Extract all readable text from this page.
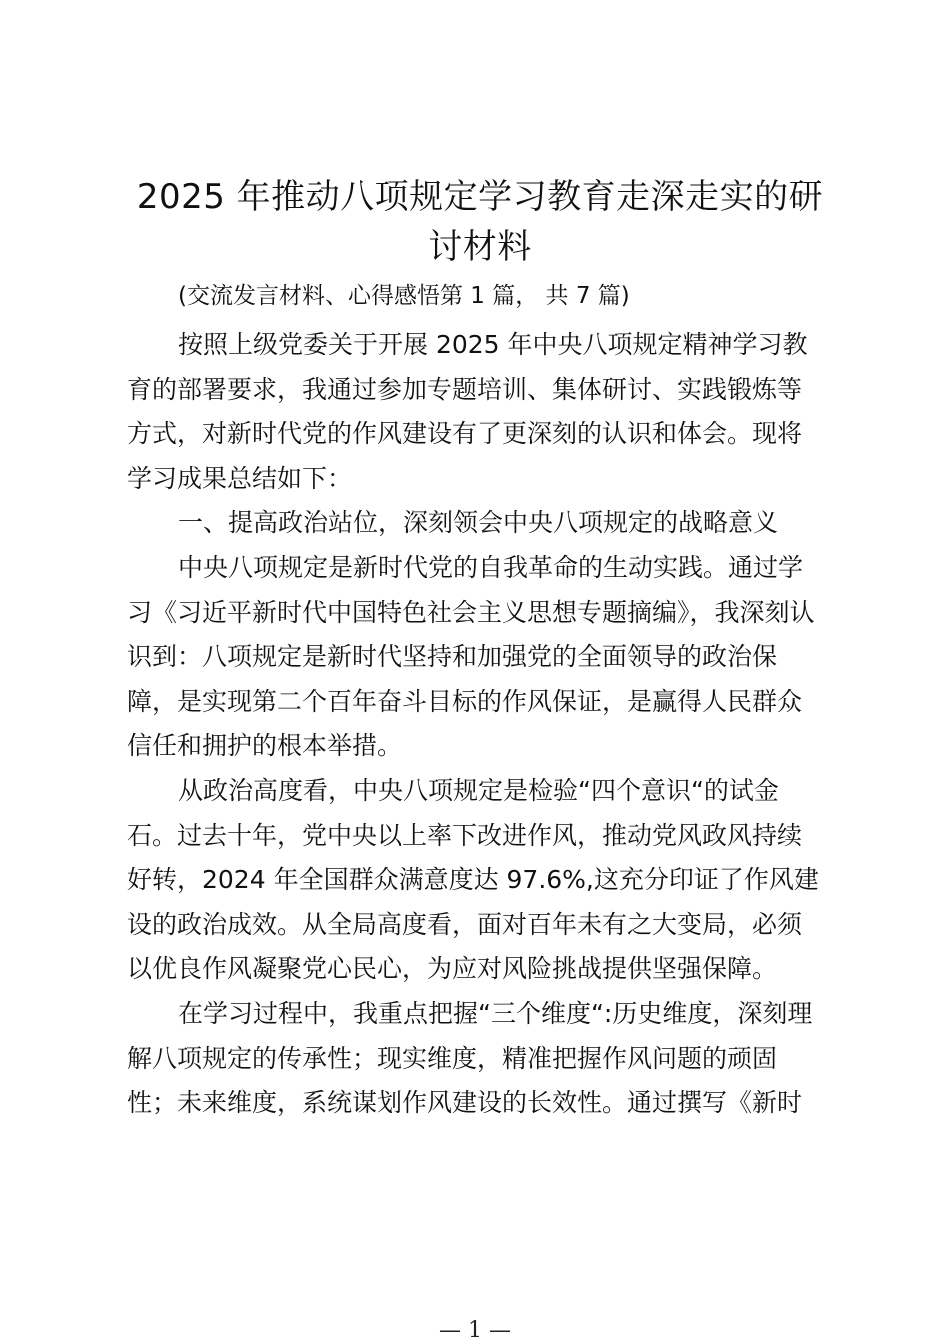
2025 年推动八项规定学习教育走深走实的研
讨材料
(交流发言材料、心得感悟第 1 篇， 共 7 篇)

按照上级党委关于开展 2025 年中央八项规定精神学习教
育的部署要求，我通过参加专题培训、集体研讨、实践锻炼等
方式，对新时代党的作风建设有了更深刻的认识和体会。现将
学习成果总结如下：

一、提高政治站位，深刻领会中央八项规定的战略意义

中央八项规定是新时代党的自我革命的生动实践。通过学
习《习近平新时代中国特色社会主义思想专题摘编》，我深刻认
识到：八项规定是新时代坚持和加强党的全面领导的政治保
障，是实现第二个百年奋斗目标的作风保证，是赢得人民群众
信任和拥护的根本举措。

从政治高度看，中央八项规定是检验“四个意识“的试金
石。过去十年，党中央以上率下改进作风，推动党风政风持续
好转，2024 年全国群众满意度达 97.6%,这充分印证了作风建
设的政治成效。从全局高度看，面对百年未有之大变局，必须
以优良作风凝聚党心民心，为应对风险挑战提供坚强保障。

在学习过程中，我重点把握“三个维度“:历史维度，深刻理
解八项规定的传承性；现实维度，精准把握作风问题的顽固
性；未来维度，系统谋划作风建设的长效性。通过撰写《新时

— 1 —
